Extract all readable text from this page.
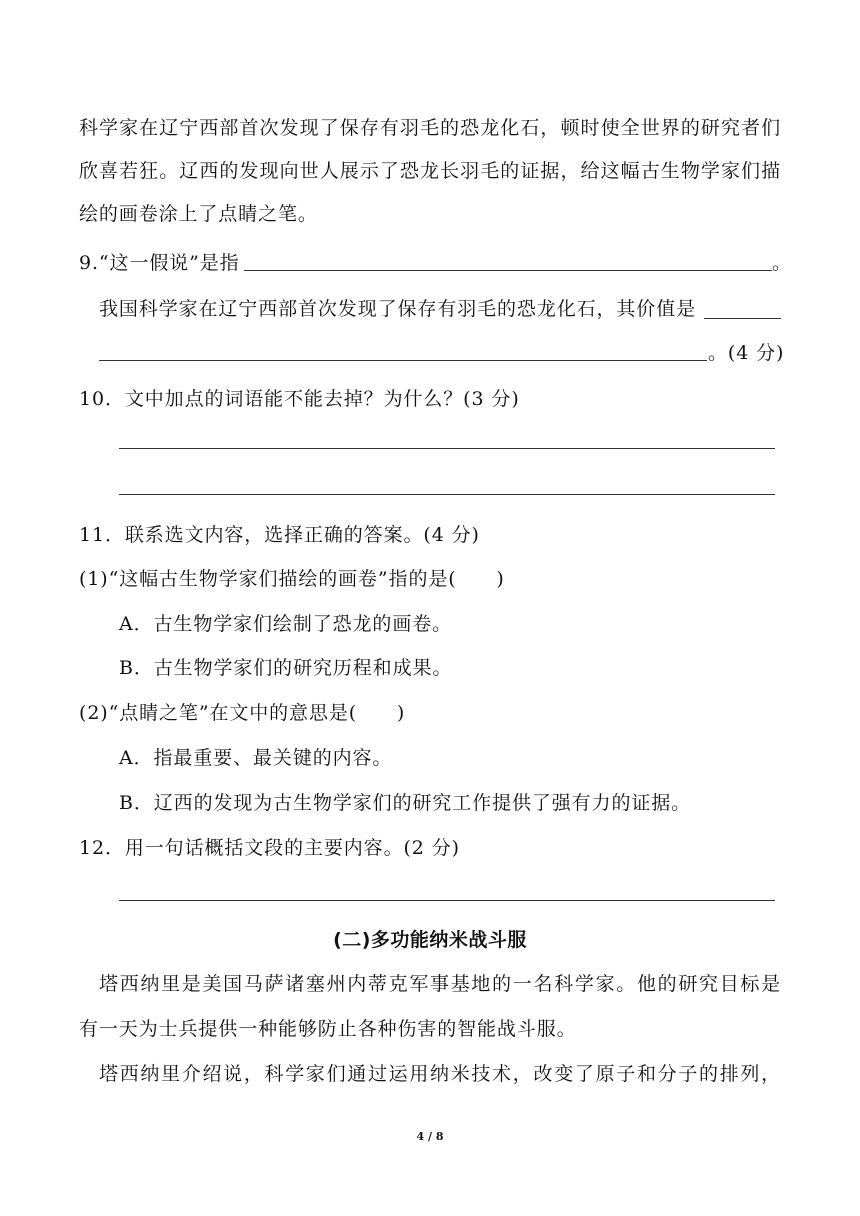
科学家在辽宁西部首次发现了保存有羽毛的恐龙化石，顿时使全世界的研究者们
欣喜若狂。辽西的发现向世人展示了恐龙长羽毛的证据，给这幅古生物学家们描
绘的画卷涂上了点睛之笔。
9.“这一假说”是指	。
我国科学家在辽宁西部首次发现了保存有羽毛的恐龙化石，其价值是
。(4 分)
10．文中加点的词语能不能去掉？为什么？(3 分)
11．联系选文内容，选择正确的答案。(4 分)
(1)“这幅古生物学家们描绘的画卷”指的是(　　)
A．古生物学家们绘制了恐龙的画卷。
B．古生物学家们的研究历程和成果。
(2)“点睛之笔”在文中的意思是(　　)
A．指最重要、最关键的内容。
B．辽西的发现为古生物学家们的研究工作提供了强有力的证据。
12．用一句话概括文段的主要内容。(2 分)
(二)多功能纳米战斗服
塔西纳里是美国马萨诸塞州内蒂克军事基地的一名科学家。他的研究目标是
有一天为士兵提供一种能够防止各种伤害的智能战斗服。
塔西纳里介绍说，科学家们通过运用纳米技术，改变了原子和分子的排列，
4 / 8
